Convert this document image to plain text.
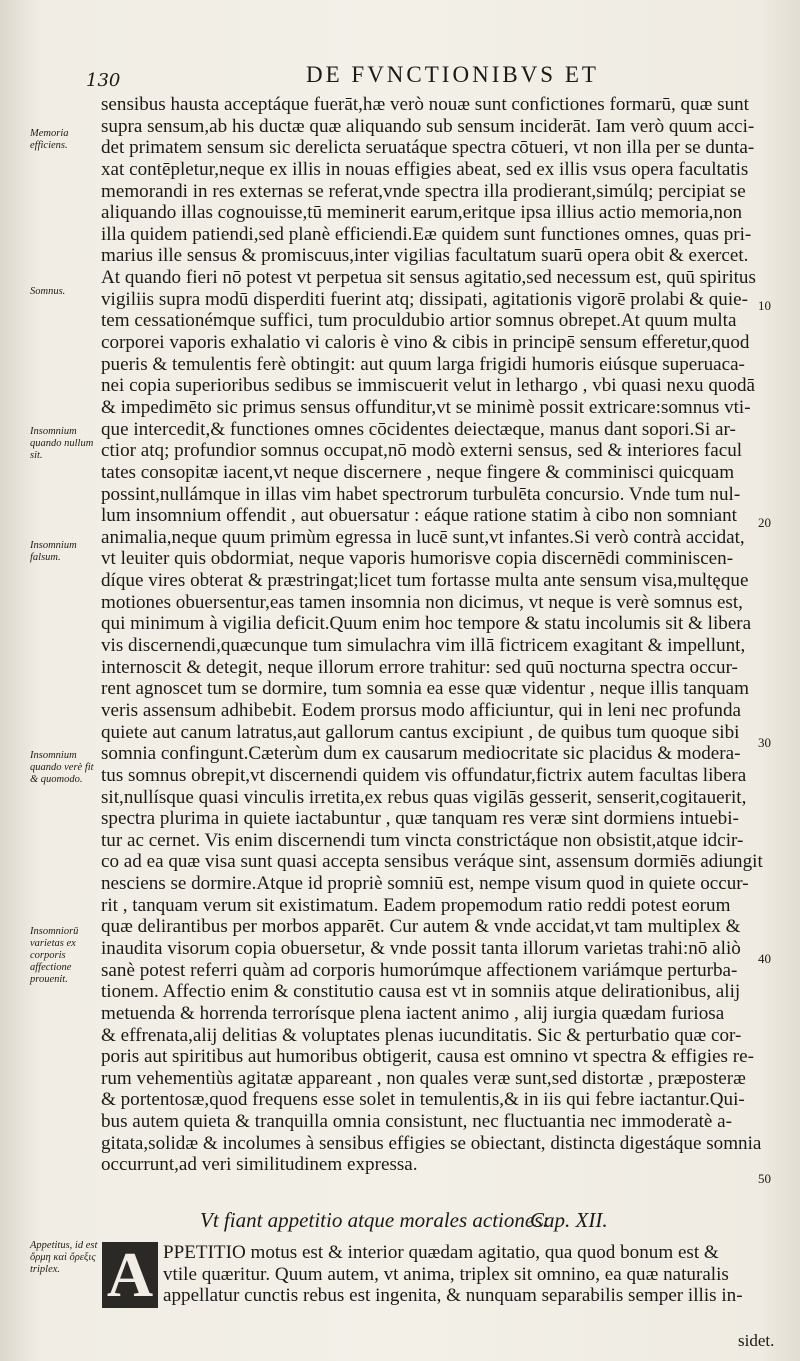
130	DE FVNCTIONIBVS ET
sensibus hausta acceptáque fuerāt,hæ verò nouæ sunt confictiones formarū, quæ sunt
supra sensum,ab his ductæ quæ aliquando sub sensum inciderāt. Iam verò quum acci-
det primatem sensum sic derelicta seruatáque spectra cōtueri, vt non illa per se dunta-
xat contēpletur,neque ex illis in nouas effigies abeat, sed ex illis vsus opera facultatis
memorandi in res externas se referat,vnde spectra illa prodierant,simúlq; percipiat se
aliquando illas cognouisse,tū meminerit earum,eritque ipsa illius actio memoria,non
illa quidem patiendi,sed planè efficiendi.Eæ quidem sunt functiones omnes, quas pri-
marius ille sensus & promiscuus,inter vigilias facultatum suarū opera obit & exercet.
At quando fieri nō potest vt perpetua sit sensus agitatio,sed necessum est, quū spiritus
vigiliis supra modū disperditi fuerint atq; dissipati, agitationis vigorē prolabi & quie-
tem cessationémque suffici, tum proculdubio artior somnus obrepet.At quum multa
corporei vaporis exhalatio vi caloris è vino & cibis in principē sensum efferetur,quod
pueris & temulentis ferè obtingit: aut quum larga frigidi humoris eiúsque superuaca-
nei copia superioribus sedibus se immiscuerit velut in lethargo , vbi quasi nexu quodā
& impedimēto sic primus sensus offunditur,vt se minimè possit extricare:somnus vti-
que intercedit,& functiones omnes cōcidentes deiectæque, manus dant sopori.Si ar-
ctior atq; profundior somnus occupat,nō modò externi sensus, sed & interiores facul
tates consopitæ iacent,vt neque discernere , neque fingere & comminisci quicquam
possint,nullámque in illas vim habet spectrorum turbulēta concursio. Vnde tum nul-
lum insomnium offendit , aut obuersatur : eáque ratione statim à cibo non somniant
animalia,neque quum primùm egressa in lucē sunt,vt infantes.Si verò contrà accidat,
vt leuiter quis obdormiat, neque vaporis humorisve copia discernēdi comminiscen-
díque vires obterat & præstringat;licet tum fortasse multa ante sensum visa,multęque
motiones obuersentur,eas tamen insomnia non dicimus, vt neque is verè somnus est,
qui minimum à vigilia deficit.Quum enim hoc tempore & statu incolumis sit & libera
vis discernendi,quæcunque tum simulachra vim illā fictricem exagitant & impellunt,
internoscit & detegit, neque illorum errore trahitur: sed quū nocturna spectra occur-
rent agnoscet tum se dormire, tum somnia ea esse quæ videntur , neque illis tanquam
veris assensum adhibebit. Eodem prorsus modo afficiuntur, qui in leni nec profunda
quiete aut canum latratus,aut gallorum cantus excipiunt , de quibus tum quoque sibi
somnia confingunt.Cæterùm dum ex causarum mediocritate sic placidus & modera-
tus somnus obrepit,vt discernendi quidem vis offundatur,fictrix autem facultas libera
sit,nullísque quasi vinculis irretita,ex rebus quas vigilās gesserit, senserit,cogitauerit,
spectra plurima in quiete iactabuntur , quæ tanquam res veræ sint dormiens intuebi-
tur ac cernet. Vis enim discernendi tum vincta constrictáque non obsistit,atque idcir-
co ad ea quæ visa sunt quasi accepta sensibus veráque sint, assensum dormiēs adiungit
nesciens se dormire.Atque id propriè somniū est, nempe visum quod in quiete occur-
rit , tanquam verum sit existimatum. Eadem propemodum ratio reddi potest eorum
quæ delirantibus per morbos apparēt. Cur autem & vnde accidat,vt tam multiplex &
inaudita visorum copia obuersetur, & vnde possit tanta illorum varietas trahi:nō aliò
sanè potest referri quàm ad corporis humorúmque affectionem variámque perturba-
tionem. Affectio enim & constitutio causa est vt in somniis atque delirationibus, alij
metuenda & horrenda terrorísque plena iactent animo , alij iurgia quædam furiosa
& effrenata,alij delitias & voluptates plenas iucunditatis. Sic & perturbatio quæ cor-
poris aut spiritibus aut humoribus obtigerit, causa est omnino vt spectra & effigies re-
rum vehementiùs agitatæ appareant , non quales veræ sunt,sed distortæ , præposteræ
& portentosæ,quod frequens esse solet in temulentis,& in iis qui febre iactantur.Qui-
bus autem quieta & tranquilla omnia consistunt, nec fluctuantia nec immoderatè a-
gitata,solidæ & incolumes à sensibus effigies se obiectant, distincta digestáque somnia
occurrunt,ad veri similitudinem expressa.
Memoria efficiens.
Somnus.
Insomnium quando nullum sit.
Insomnium falsum.
Insomnium quando verè fit & quomodo.
Insomniorū varietas ex corporis affectione prouenit.
Appetitus, id est ὄρμη καὶ ὄρεξις triplex.
10
20
30
40
50
Vt fiant appetitio atque morales actiones:
Cap. XII.
A PPETITIO motus est & interior quædam agitatio, qua quod bonum est &
vtile quæritur. Quum autem, vt anima, triplex sit omnino, ea quæ naturalis
appellatur cunctis rebus est ingenita, & nunquam separabilis semper illis in-
sidet.
